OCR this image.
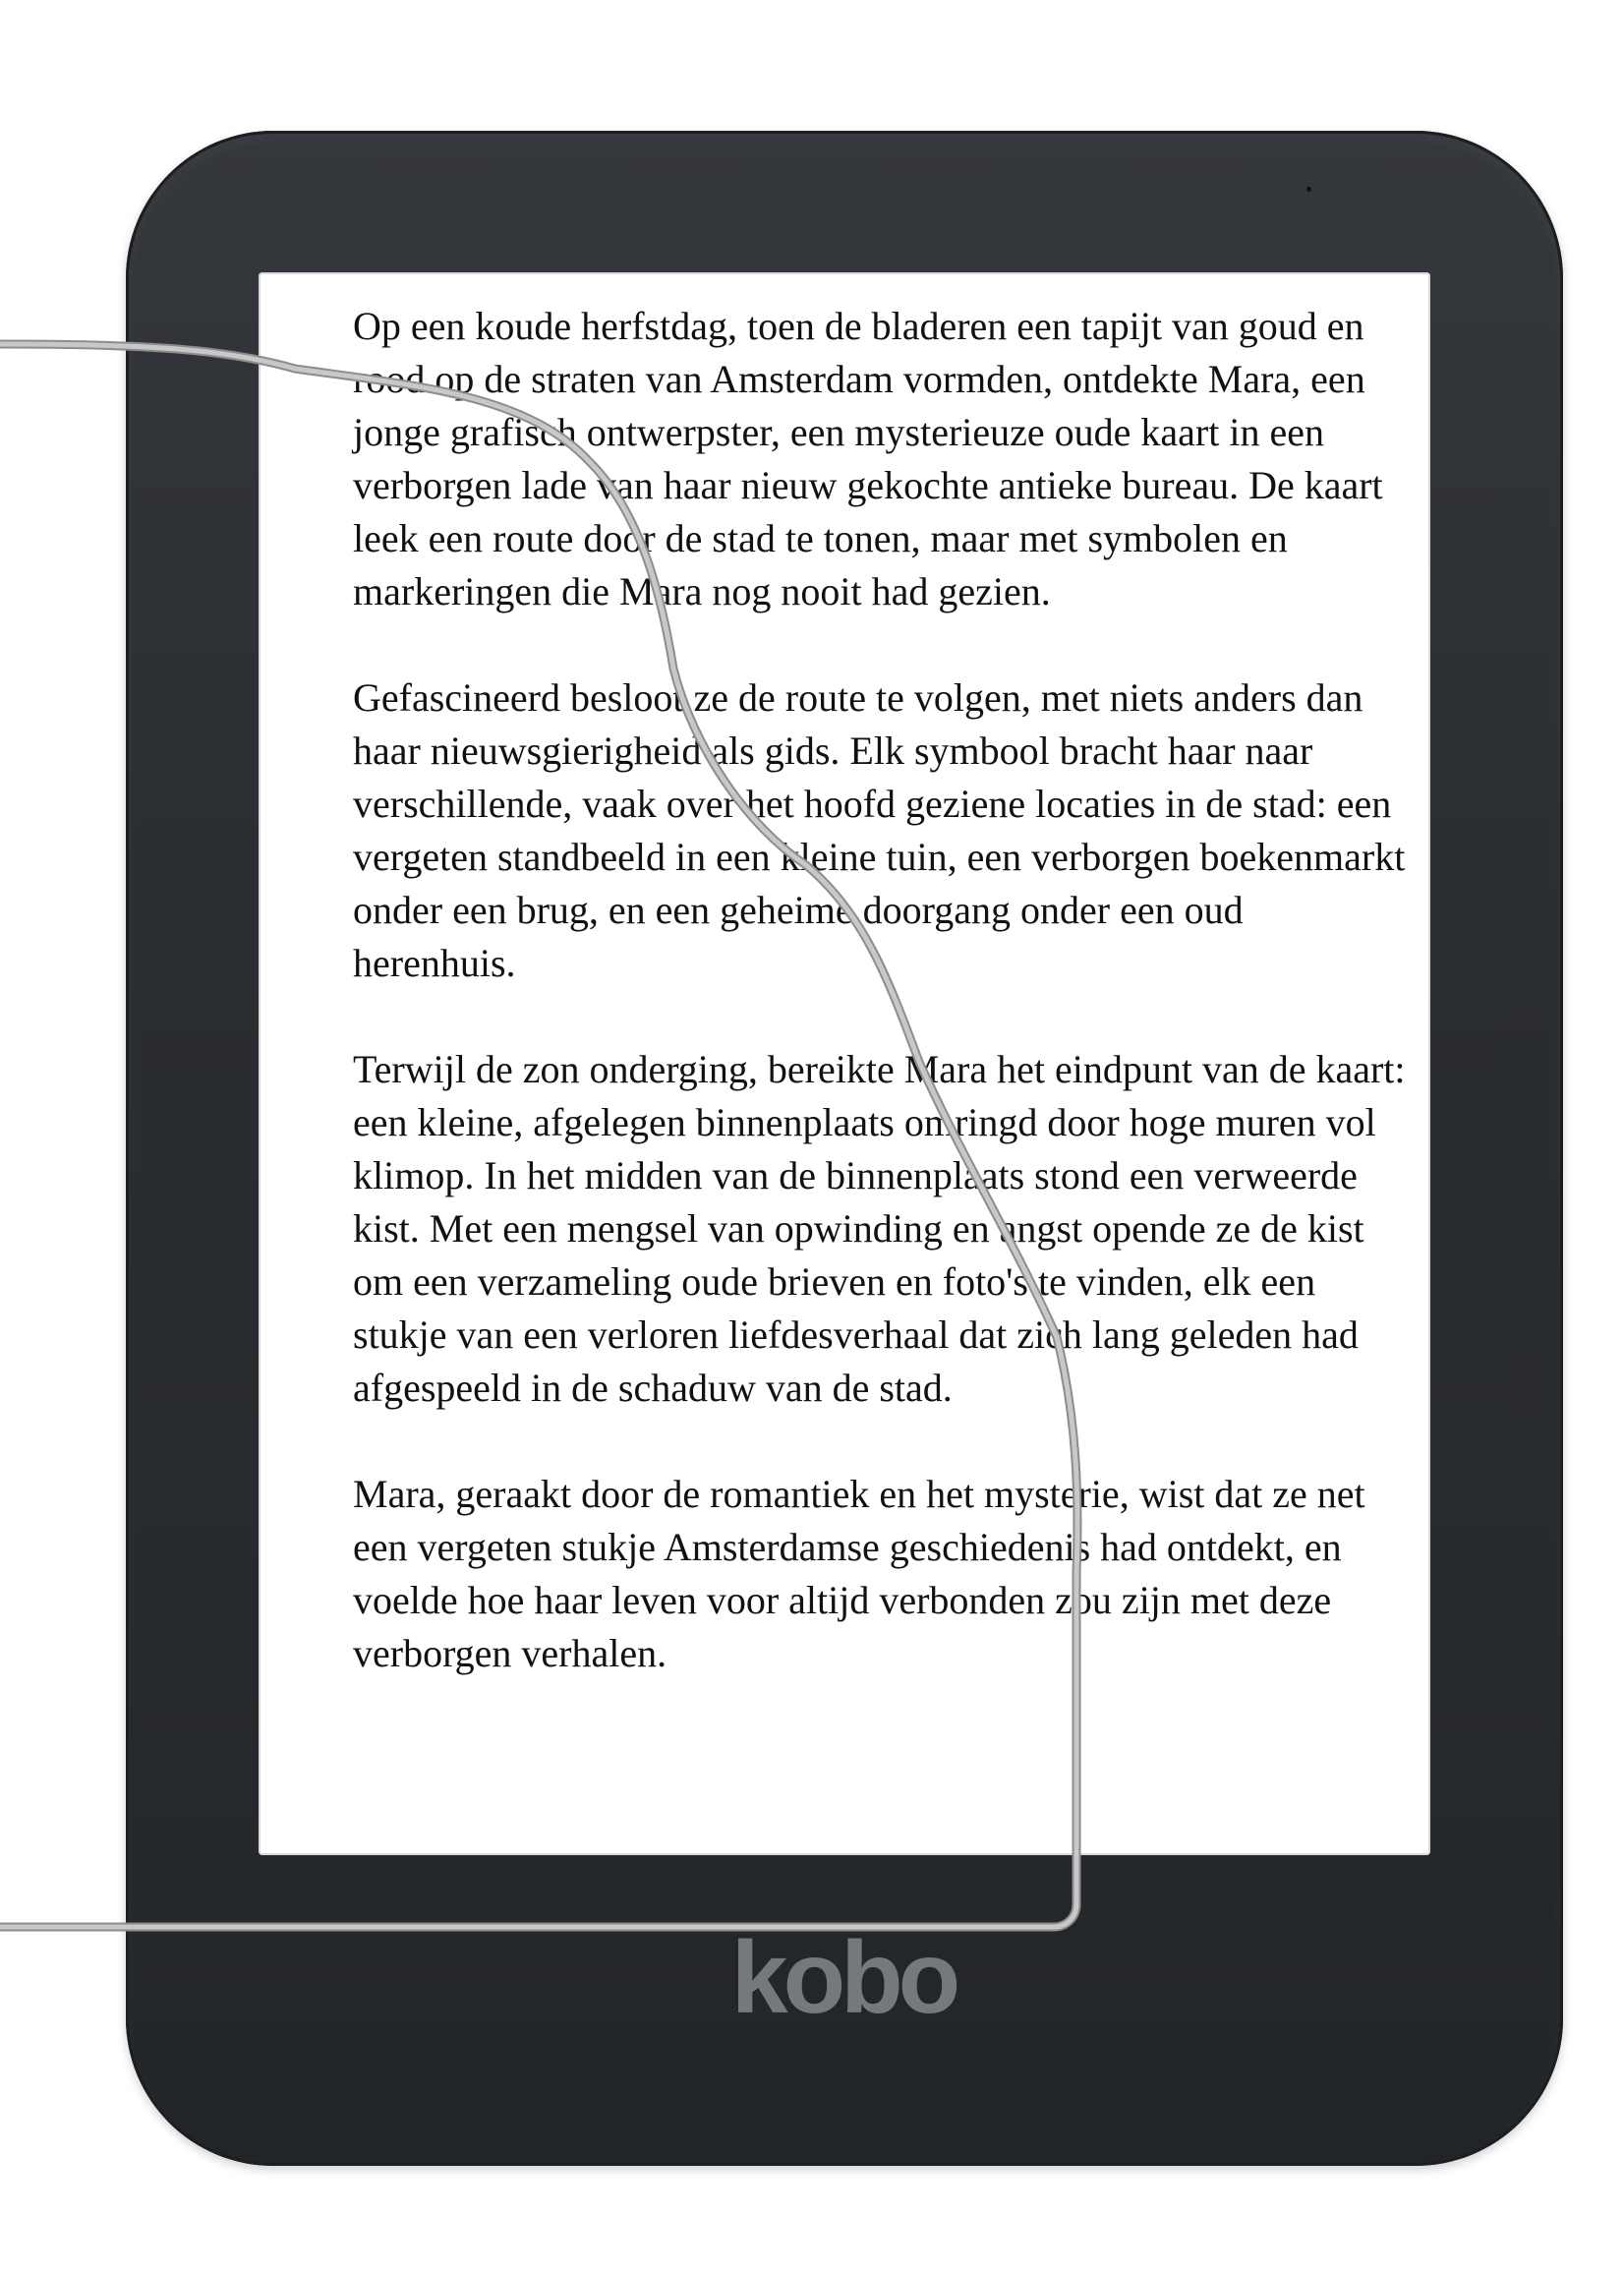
Op een koude herfstdag, toen de bladeren een tapijt van goud en rood op de straten van Amsterdam vormden, ontdekte Mara, een jonge grafisch ontwerpster, een mysterieuze oude kaart in een verborgen lade van haar nieuw gekochte antieke bureau. De kaart leek een route door de stad te tonen, maar met symbolen en markeringen die Mara nog nooit had gezien.

Gefascineerd besloot ze de route te volgen, met niets anders dan haar nieuwsgierigheid als gids. Elk symbool bracht haar naar verschillende, vaak over het hoofd geziene locaties in de stad: een vergeten standbeeld in een kleine tuin, een verborgen boekenmarkt onder een brug, en een geheime doorgang onder een oud herenhuis.

Terwijl de zon onderging, bereikte Mara het eindpunt van de kaart: een kleine, afgelegen binnenplaats omringd door hoge muren vol klimop. In het midden van de binnenplaats stond een verweerde kist. Met een mengsel van opwinding en angst opende ze de kist om een verzameling oude brieven en foto's te vinden, elk een stukje van een verloren liefdesverhaal dat zich lang geleden had afgespeeld in de schaduw van de stad.

Mara, geraakt door de romantiek en het mysterie, wist dat ze net een vergeten stukje Amsterdamse geschiedenis had ontdekt, en voelde hoe haar leven voor altijd verbonden zou zijn met deze verborgen verhalen.

kobo
